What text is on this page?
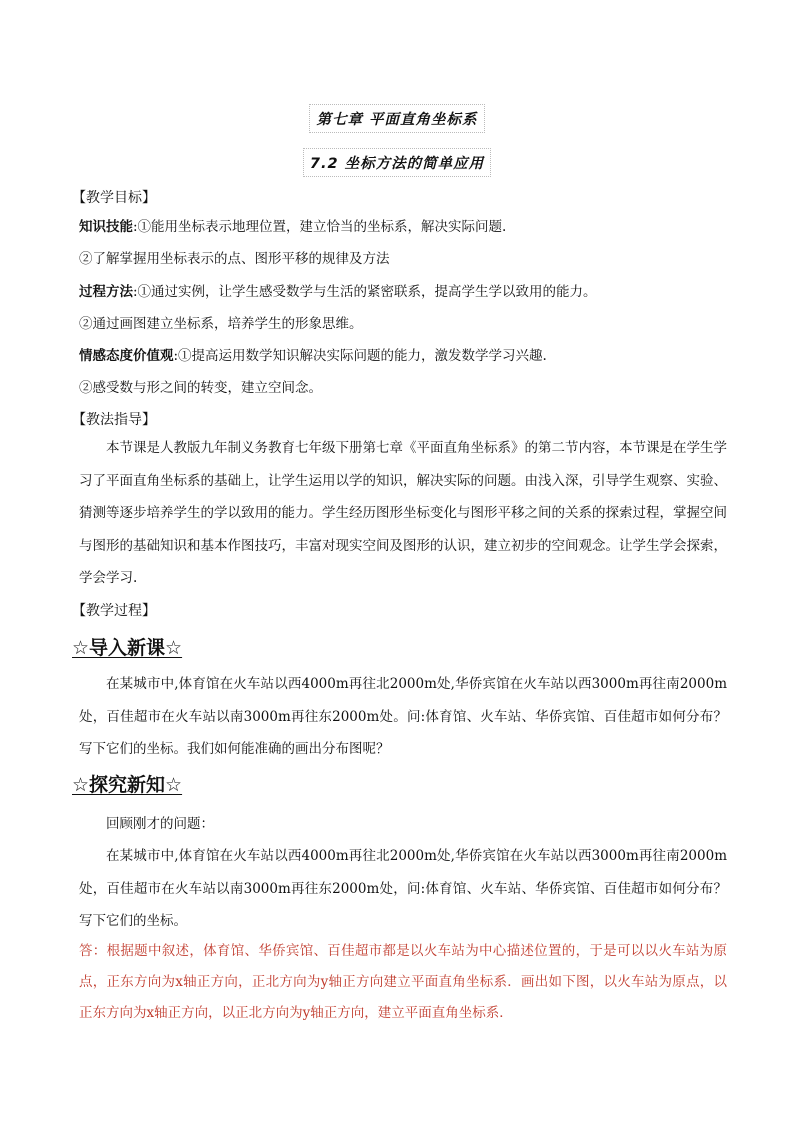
第七章 平面直角坐标系
7.2 坐标方法的简单应用
【教学目标】
知识技能:①能用坐标表示地理位置，建立恰当的坐标系，解决实际问题.
②了解掌握用坐标表示的点、图形平移的规律及方法
过程方法:①通过实例，让学生感受数学与生活的紧密联系，提高学生学以致用的能力。
②通过画图建立坐标系，培养学生的形象思维。
情感态度价值观:①提高运用数学知识解决实际问题的能力，激发数学学习兴趣.
②感受数与形之间的转变，建立空间念。
【教法指导】
本节课是人教版九年制义务教育七年级下册第七章《平面直角坐标系》的第二节内容，本节课是在学生学习了平面直角坐标系的基础上，让学生运用以学的知识，解决实际的问题。由浅入深，引导学生观察、实验、猜测等逐步培养学生的学以致用的能力。学生经历图形坐标变化与图形平移之间的关系的探索过程，掌握空间与图形的基础知识和基本作图技巧，丰富对现实空间及图形的认识，建立初步的空间观念。让学生学会探索，学会学习.
【教学过程】
☆导入新课☆
在某城市中,体育馆在火车站以西4000m再往北2000m处,华侨宾馆在火车站以西3000m再往南2000m处，百佳超市在火车站以南3000m再往东2000m处。问:体育馆、火车站、华侨宾馆、百佳超市如何分布？写下它们的坐标。我们如何能准确的画出分布图呢？
☆探究新知☆
回顾刚才的问题：
在某城市中,体育馆在火车站以西4000m再往北2000m处,华侨宾馆在火车站以西3000m再往南2000m处，百佳超市在火车站以南3000m再往东2000m处，问:体育馆、火车站、华侨宾馆、百佳超市如何分布？写下它们的坐标。
答：根据题中叙述，体育馆、华侨宾馆、百佳超市都是以火车站为中心描述位置的，于是可以以火车站为原点，正东方向为x轴正方向，正北方向为y轴正方向建立平面直角坐标系．画出如下图，以火车站为原点，以正东方向为x轴正方向，以正北方向为y轴正方向，建立平面直角坐标系．
